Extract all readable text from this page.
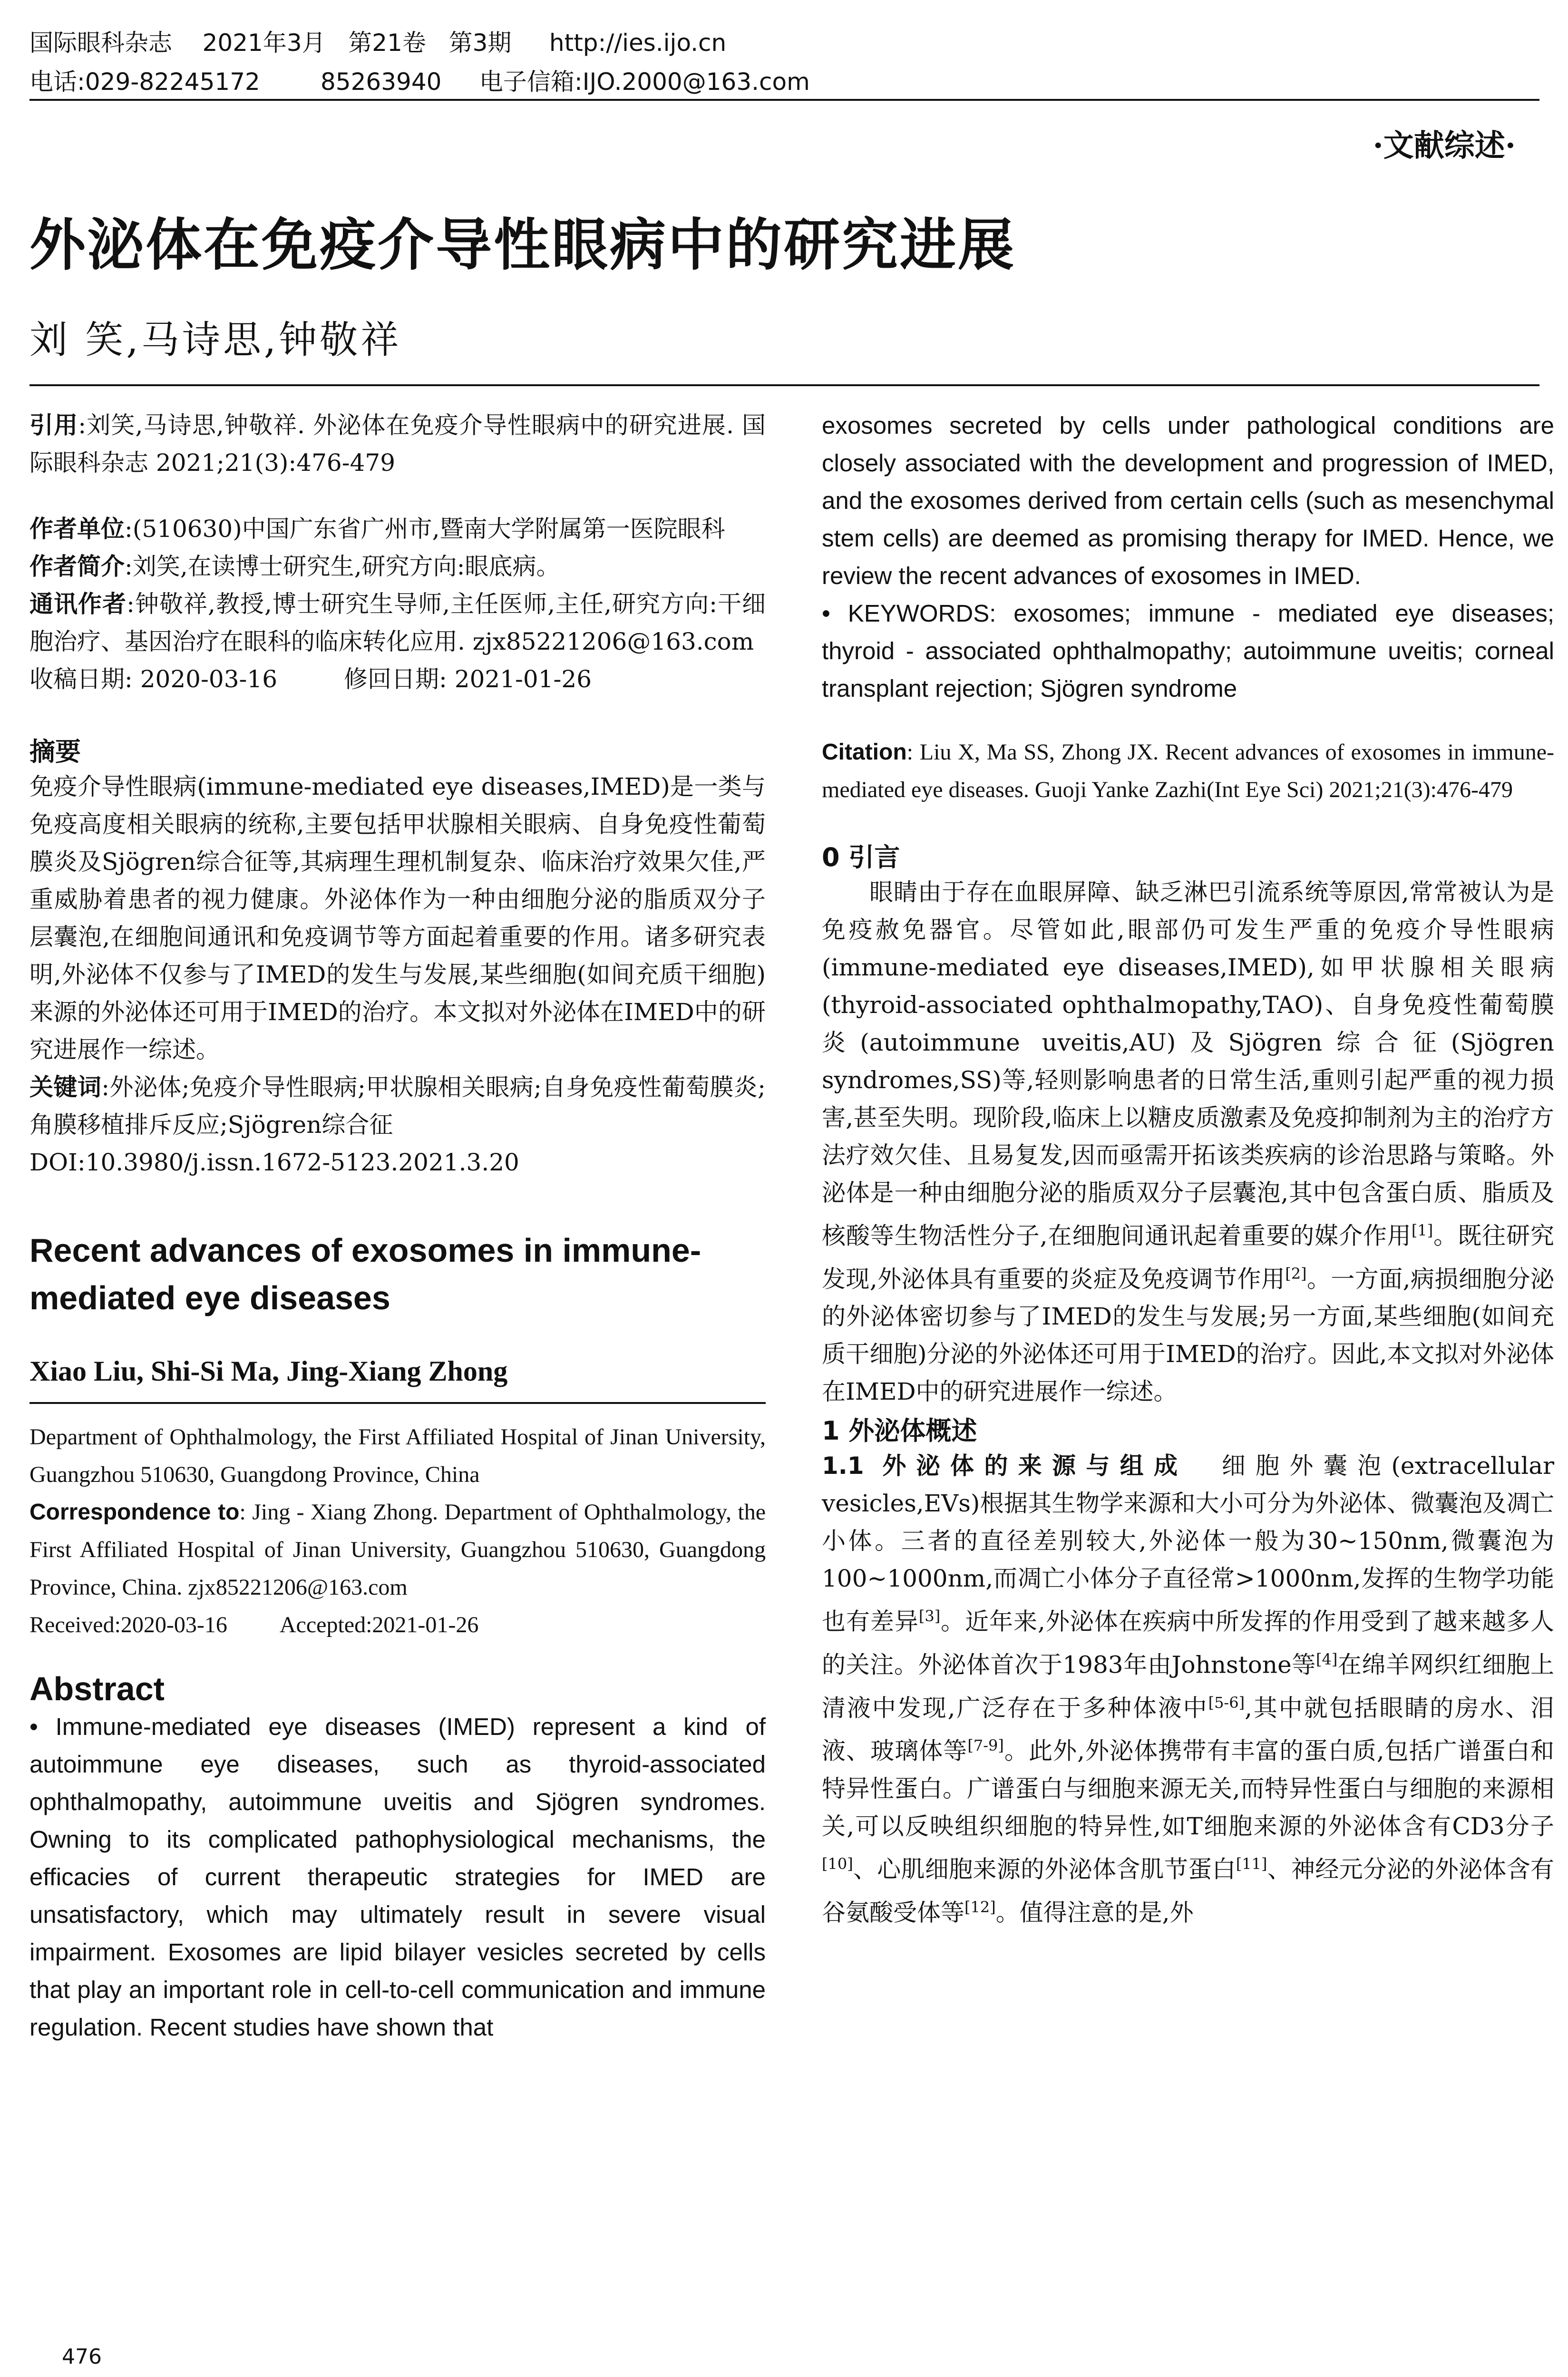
国际眼科杂志    2021年3月   第21卷   第3期     http://ies.ijo.cn
电话:029-82245172        85263940     电子信箱:IJO.2000@163.com
·文献综述·
外泌体在免疫介导性眼病中的研究进展
刘 笑,马诗思,钟敬祥

引用:刘笑,马诗思,钟敬祥. 外泌体在免疫介导性眼病中的研究进展. 国际眼科杂志 2021;21(3):476-479

作者单位:(510630)中国广东省广州市,暨南大学附属第一医院眼科

作者简介:刘笑,在读博士研究生,研究方向:眼底病。

通讯作者:钟敬祥,教授,博士研究生导师,主任医师,主任,研究方向:干细胞治疗、基因治疗在眼科的临床转化应用. zjx85221206@163.com

收稿日期: 2020-03-16	修回日期: 2021-01-26

摘要

免疫介导性眼病(immune-mediated eye diseases,IMED)是一类与免疫高度相关眼病的统称,主要包括甲状腺相关眼病、自身免疫性葡萄膜炎及Sjögren综合征等,其病理生理机制复杂、临床治疗效果欠佳,严重威胁着患者的视力健康。外泌体作为一种由细胞分泌的脂质双分子层囊泡,在细胞间通讯和免疫调节等方面起着重要的作用。诸多研究表明,外泌体不仅参与了IMED的发生与发展,某些细胞(如间充质干细胞)来源的外泌体还可用于IMED的治疗。本文拟对外泌体在IMED中的研究进展作一综述。

关键词:外泌体;免疫介导性眼病;甲状腺相关眼病;自身免疫性葡萄膜炎;角膜移植排斥反应;Sjögren综合征

DOI:10.3980/j.issn.1672-5123.2021.3.20

Recent advances of exosomes in immune-mediated eye diseases
Xiao Liu, Shi-Si Ma, Jing-Xiang Zhong

Department of Ophthalmology, the First Affiliated Hospital of Jinan University, Guangzhou 510630, Guangdong Province, China

Correspondence to: Jing - Xiang Zhong. Department of Ophthalmology, the First Affiliated Hospital of Jinan University, Guangzhou 510630, Guangdong Province, China. zjx85221206@163.com

Received:2020-03-16 Accepted:2021-01-26

Abstract

• Immune-mediated eye diseases (IMED) represent a kind of autoimmune eye diseases, such as thyroid-associated ophthalmopathy, autoimmune uveitis and Sjögren syndromes. Owning to its complicated pathophysiological mechanisms, the efficacies of current therapeutic strategies for IMED are unsatisfactory, which may ultimately result in severe visual impairment. Exosomes are lipid bilayer vesicles secreted by cells that play an important role in cell-to-cell communication and immune regulation. Recent studies have shown that

exosomes secreted by cells under pathological conditions are closely associated with the development and progression of IMED, and the exosomes derived from certain cells (such as mesenchymal stem cells) are deemed as promising therapy for IMED. Hence, we review the recent advances of exosomes in IMED.

• KEYWORDS: exosomes; immune - mediated eye diseases; thyroid - associated ophthalmopathy; autoimmune uveitis; corneal transplant rejection; Sjögren syndrome

Citation: Liu X, Ma SS, Zhong JX. Recent advances of exosomes in immune-mediated eye diseases. Guoji Yanke Zazhi(Int Eye Sci) 2021;21(3):476-479

0 引言

眼睛由于存在血眼屏障、缺乏淋巴引流系统等原因,常常被认为是免疫赦免器官。尽管如此,眼部仍可发生严重的免疫介导性眼病(immune-mediated eye diseases,IMED),如甲状腺相关眼病(thyroid-associated ophthalmopathy,TAO)、自身免疫性葡萄膜炎(autoimmune uveitis,AU)及Sjögren综合征(Sjögren syndromes,SS)等,轻则影响患者的日常生活,重则引起严重的视力损害,甚至失明。现阶段,临床上以糖皮质激素及免疫抑制剂为主的治疗方法疗效欠佳、且易复发,因而亟需开拓该类疾病的诊治思路与策略。外泌体是一种由细胞分泌的脂质双分子层囊泡,其中包含蛋白质、脂质及核酸等生物活性分子,在细胞间通讯起着重要的媒介作用[1]。既往研究发现,外泌体具有重要的炎症及免疫调节作用[2]。一方面,病损细胞分泌的外泌体密切参与了IMED的发生与发展;另一方面,某些细胞(如间充质干细胞)分泌的外泌体还可用于IMED的治疗。因此,本文拟对外泌体在IMED中的研究进展作一综述。

1 外泌体概述

1.1 外泌体的来源与组成 细胞外囊泡(extracellular vesicles,EVs)根据其生物学来源和大小可分为外泌体、微囊泡及凋亡小体。三者的直径差别较大,外泌体一般为30~150nm,微囊泡为100~1000nm,而凋亡小体分子直径常>1000nm,发挥的生物学功能也有差异[3]。近年来,外泌体在疾病中所发挥的作用受到了越来越多人的关注。外泌体首次于1983年由Johnstone等[4]在绵羊网织红细胞上清液中发现,广泛存在于多种体液中[5-6],其中就包括眼睛的房水、泪液、玻璃体等[7-9]。此外,外泌体携带有丰富的蛋白质,包括广谱蛋白和特异性蛋白。广谱蛋白与细胞来源无关,而特异性蛋白与细胞的来源相关,可以反映组织细胞的特异性,如T细胞来源的外泌体含有CD3分子[10]、心肌细胞来源的外泌体含肌节蛋白[11]、神经元分泌的外泌体含有谷氨酸受体等[12]。值得注意的是,外

476
